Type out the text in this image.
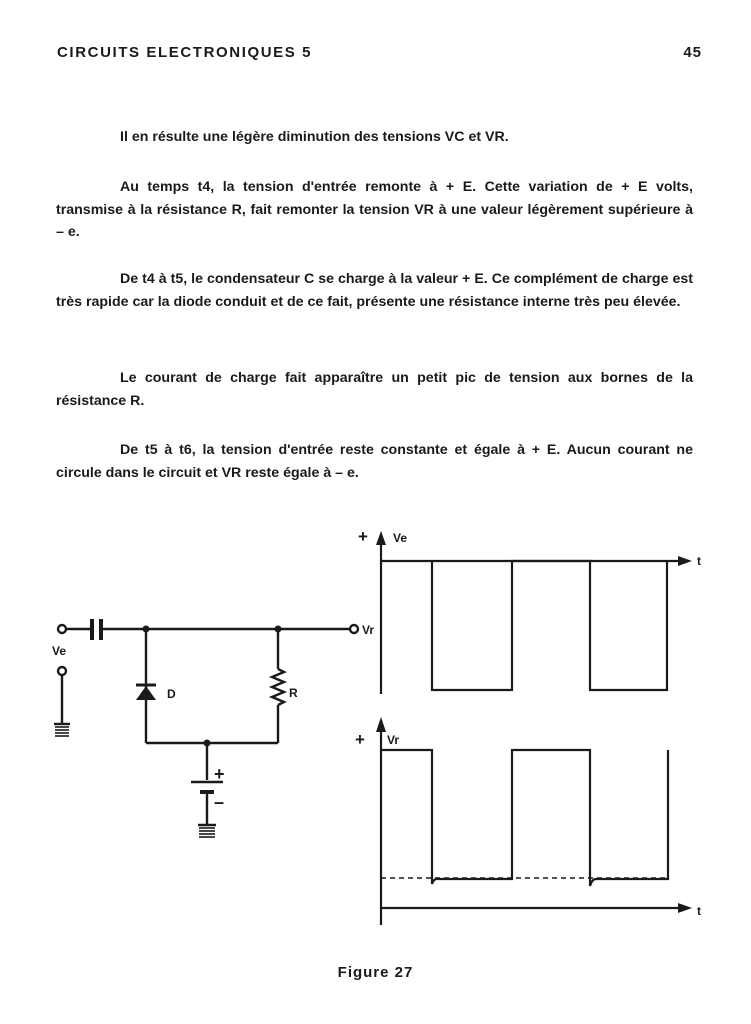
CIRCUITS ELECTRONIQUES 5	45

Il en résulte une légère diminution des tensions VC et VR.

Au temps t4, la tension d'entrée remonte à + E. Cette variation de + E volts, transmise à la résistance R, fait remonter la tension VR à une valeur légèrement supérieure à – e.

De t4 à t5, le condensateur C se charge à la valeur + E. Ce complément de charge est très rapide car la diode conduit et de ce fait, présente une résistance interne très peu élevée.

Le courant de charge fait apparaître un petit pic de tension aux bornes de la résistance R.

De t5 à t6, la tension d'entrée reste constante et égale à + E. Aucun courant ne circule dans le circuit et VR reste égale à – e.

Ve
Vr
D	R
+
–
+ Ve
t
+ Vr
t
Figure 27
